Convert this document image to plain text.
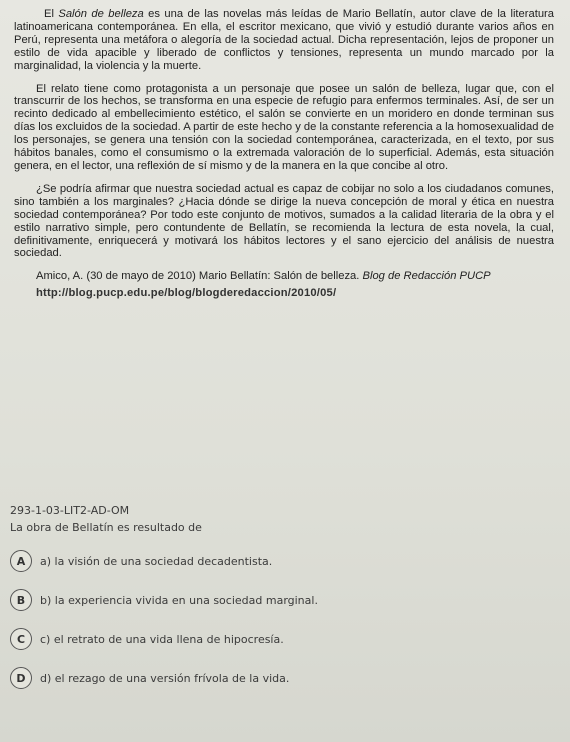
El Salón de belleza es una de las novelas más leídas de Mario Bellatín, autor clave de la literatura latinoamericana contemporánea. En ella, el escritor mexicano, que vivió y estudió durante varios años en Perú, representa una metáfora o alegoría de la sociedad actual. Dicha representación, lejos de proponer un estilo de vida apacible y liberado de conflictos y tensiones, representa un mundo marcado por la marginalidad, la violencia y la muerte.

El relato tiene como protagonista a un personaje que posee un salón de belleza, lugar que, con el transcurrir de los hechos, se transforma en una especie de refugio para enfermos terminales. Así, de ser un recinto dedicado al embellecimiento estético, el salón se convierte en un moridero en donde terminan sus días los excluidos de la sociedad. A partir de este hecho y de la constante referencia a la homosexualidad de los personajes, se genera una tensión con la sociedad contemporánea, caracterizada, en el texto, por sus hábitos banales, como el consumismo o la extremada valoración de lo superficial. Además, esta situación genera, en el lector, una reflexión de sí mismo y de la manera en la que concibe al otro.

¿Se podría afirmar que nuestra sociedad actual es capaz de cobijar no solo a los ciudadanos comunes, sino también a los marginales? ¿Hacia dónde se dirige la nueva concepción de moral y ética en nuestra sociedad contemporánea? Por todo este conjunto de motivos, sumados a la calidad literaria de la obra y el estilo narrativo simple, pero contundente de Bellatín, se recomienda la lectura de esta novela, la cual, definitivamente, enriquecerá y motivará los hábitos lectores y el sano ejercicio del análisis de nuestra sociedad.

Amico, A. (30 de mayo de 2010) Mario Bellatín: Salón de belleza. Blog de Redacción PUCP
http://blog.pucp.edu.pe/blog/blogderedaccion/2010/05/

293-1-03-LIT2-AD-OM

La obra de Bellatín es resultado de

A	a) la visión de una sociedad decadentista.
B	b) la experiencia vivida en una sociedad marginal.
C	c) el retrato de una vida llena de hipocresía.
D	d) el rezago de una versión frívola de la vida.
